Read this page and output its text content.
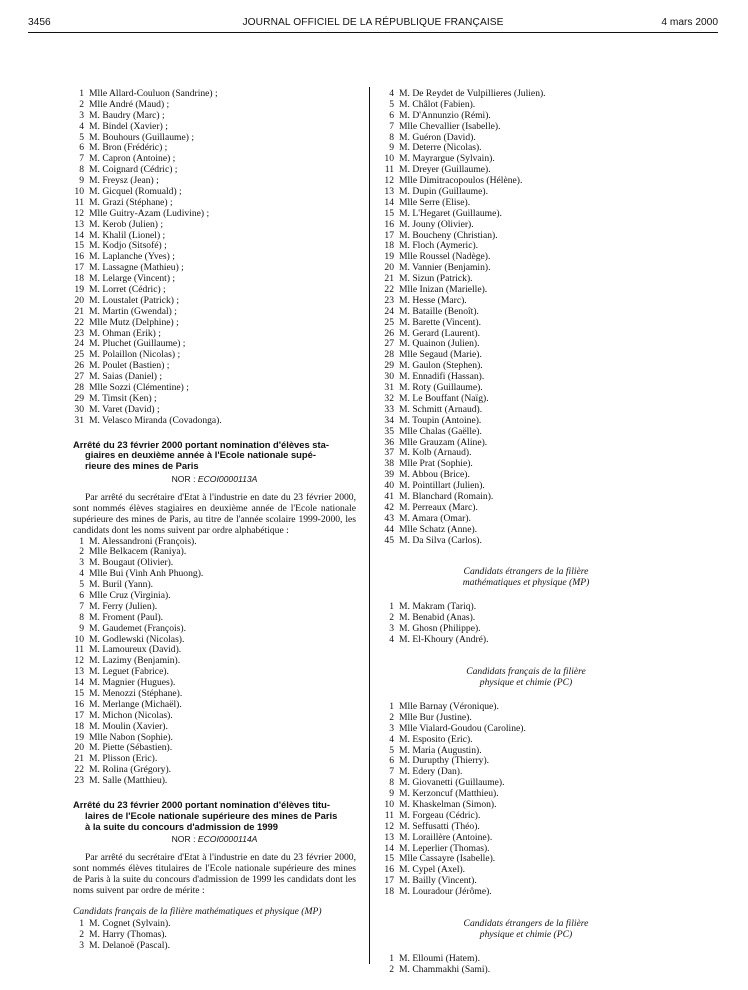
3456	JOURNAL OFFICIEL DE LA RÉPUBLIQUE FRANÇAISE	4 mars 2000
1 Mlle Allard-Couluon (Sandrine) ;
2 Mlle André (Maud) ;
3 M. Baudry (Marc) ;
4 M. Bindel (Xavier) ;
5 M. Bouhours (Guillaume) ;
6 M. Bron (Frédéric) ;
7 M. Capron (Antoine) ;
8 M. Coignard (Cédric) ;
9 M. Freysz (Jean) ;
10 M. Gicquel (Romuald) ;
11 M. Grazi (Stéphane) ;
12 Mlle Guitry-Azam (Ludivine) ;
13 M. Kerob (Julien) ;
14 M. Khalil (Lionel) ;
15 M. Kodjo (Sitsofé) ;
16 M. Laplanche (Yves) ;
17 M. Lassagne (Mathieu) ;
18 M. Lelarge (Vincent) ;
19 M. Lorret (Cédric) ;
20 M. Loustalet (Patrick) ;
21 M. Martin (Gwendal) ;
22 Mlle Mutz (Delphine) ;
23 M. Ohman (Erik) ;
24 M. Pluchet (Guillaume) ;
25 M. Polaillon (Nicolas) ;
26 M. Poulet (Bastien) ;
27 M. Saias (Daniel) ;
28 Mlle Sozzi (Clémentine) ;
29 M. Timsit (Ken) ;
30 M. Varet (David) ;
31 M. Velasco Miranda (Covadonga).
Arrêté du 23 février 2000 portant nomination d'élèves sta-
giaires en deuxième année à l'Ecole nationale supé-
rieure des mines de Paris
NOR : ECOI0000113A
Par arrêté du secrétaire d'Etat à l'industrie en date du 23 février 2000, sont nommés élèves stagiaires en deuxième année de l'Ecole nationale supérieure des mines de Paris, au titre de l'année scolaire 1999-2000, les candidats dont les noms suivent par ordre alphabétique :
1 M. Alessandroni (François).
2 Mlle Belkacem (Raniya).
3 M. Bougaut (Olivier).
4 Mlle Bui (Vinh Anh Phuong).
5 M. Buril (Yann).
6 Mlle Cruz (Virginia).
7 M. Ferry (Julien).
8 M. Froment (Paul).
9 M. Gaudemet (François).
10 M. Godlewski (Nicolas).
11 M. Lamoureux (David).
12 M. Lazimy (Benjamin).
13 M. Leguet (Fabrice).
14 M. Magnier (Hugues).
15 M. Menozzi (Stéphane).
16 M. Merlange (Michaël).
17 M. Michon (Nicolas).
18 M. Moulin (Xavier).
19 Mlle Nabon (Sophie).
20 M. Piette (Sébastien).
21 M. Plisson (Eric).
22 M. Rolina (Grégory).
23 M. Salle (Matthieu).
Arrêté du 23 février 2000 portant nomination d'élèves titu-
laires de l'Ecole nationale supérieure des mines de Paris
à la suite du concours d'admission de 1999
NOR : ECOI0000114A
Par arrêté du secrétaire d'Etat à l'industrie en date du 23 février 2000, sont nommés élèves titulaires de l'Ecole nationale supérieure des mines de Paris à la suite du concours d'admission de 1999 les candidats dont les noms suivent par ordre de mérite :
Candidats français de la filière mathématiques et physique (MP)
1 M. Cognet (Sylvain).
2 M. Harry (Thomas).
3 M. Delanoë (Pascal).
4 M. De Reydet de Vulpillieres (Julien).
5 M. Châlot (Fabien).
6 M. D'Annunzio (Rémi).
7 Mlle Chevallier (Isabelle).
8 M. Guéron (David).
9 M. Deterre (Nicolas).
10 M. Mayrargue (Sylvain).
11 M. Dreyer (Guillaume).
12 Mlle Dimitracopoulos (Hélène).
13 M. Dupin (Guillaume).
14 Mlle Serre (Elise).
15 M. L'Hegaret (Guillaume).
16 M. Jouny (Olivier).
17 M. Boucheny (Christian).
18 M. Floch (Aymeric).
19 Mlle Roussel (Nadège).
20 M. Vannier (Benjamin).
21 M. Sizun (Patrick).
22 Mlle Inizan (Marielle).
23 M. Hesse (Marc).
24 M. Bataille (Benoît).
25 M. Barette (Vincent).
26 M. Gerard (Laurent).
27 M. Quainon (Julien).
28 Mlle Segaud (Marie).
29 M. Gaulon (Stephen).
30 M. Ennadifi (Hassan).
31 M. Roty (Guillaume).
32 M. Le Bouffant (Naïg).
33 M. Schmitt (Arnaud).
34 M. Toupin (Antoine).
35 Mlle Chalas (Gaëlle).
36 Mlle Grauzam (Aline).
37 M. Kolb (Arnaud).
38 Mlle Prat (Sophie).
39 M. Abbou (Brice).
40 M. Pointillart (Julien).
41 M. Blanchard (Romain).
42 M. Perreaux (Marc).
43 M. Amara (Omar).
44 Mlle Schatz (Anne).
45 M. Da Silva (Carlos).
Candidats étrangers de la filière
mathématiques et physique (MP)
1 M. Makram (Tariq).
2 M. Benabid (Anas).
3 M. Ghosn (Philippe).
4 M. El-Khoury (André).
Candidats français de la filière
physique et chimie (PC)
1 Mlle Barnay (Véronique).
2 Mlle Bur (Justine).
3 Mlle Vialard-Goudou (Caroline).
4 M. Esposito (Eric).
5 M. Maria (Augustin).
6 M. Durupthy (Thierry).
7 M. Edery (Dan).
8 M. Giovanetti (Guillaume).
9 M. Kerzoncuf (Matthieu).
10 M. Khaskelman (Simon).
11 M. Forgeau (Cédric).
12 M. Seffusatti (Théo).
13 M. Loraillère (Antoine).
14 M. Leperlier (Thomas).
15 Mlle Cassayre (Isabelle).
16 M. Cypel (Axel).
17 M. Bailly (Vincent).
18 M. Louradour (Jérôme).
Candidats étrangers de la filière
physique et chimie (PC)
1 M. Elloumi (Hatem).
2 M. Chammakhi (Sami).
